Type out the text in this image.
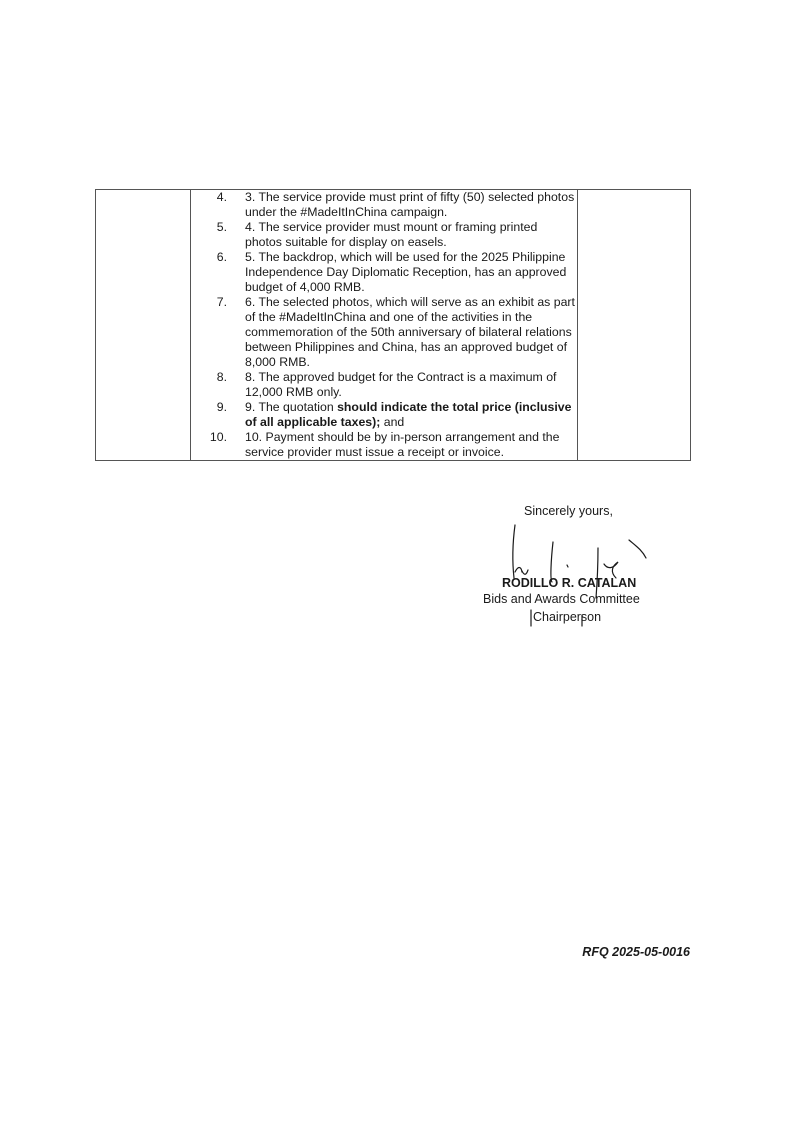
4. 3. The service provide must print of fifty (50) selected photos under the #MadeItInChina campaign.
5. 4. The service provider must mount or framing printed photos suitable for display on easels.
6. 5. The backdrop, which will be used for the 2025 Philippine Independence Day Diplomatic Reception, has an approved budget of 4,000 RMB.
7. 6. The selected photos, which will serve as an exhibit as part of the #MadeItInChina and one of the activities in the commemoration of the 50th anniversary of bilateral relations between Philippines and China, has an approved budget of 8,000 RMB.
8. 8. The approved budget for the Contract is a maximum of 12,000 RMB only.
9. 9. The quotation should indicate the total price (inclusive of all applicable taxes); and
10. 10. Payment should be by in-person arrangement and the service provider must issue a receipt or invoice.

Sincerely yours,
RODILLO R. CATALAN
Bids and Awards Committee
Chairperson
RFQ 2025-05-0016
